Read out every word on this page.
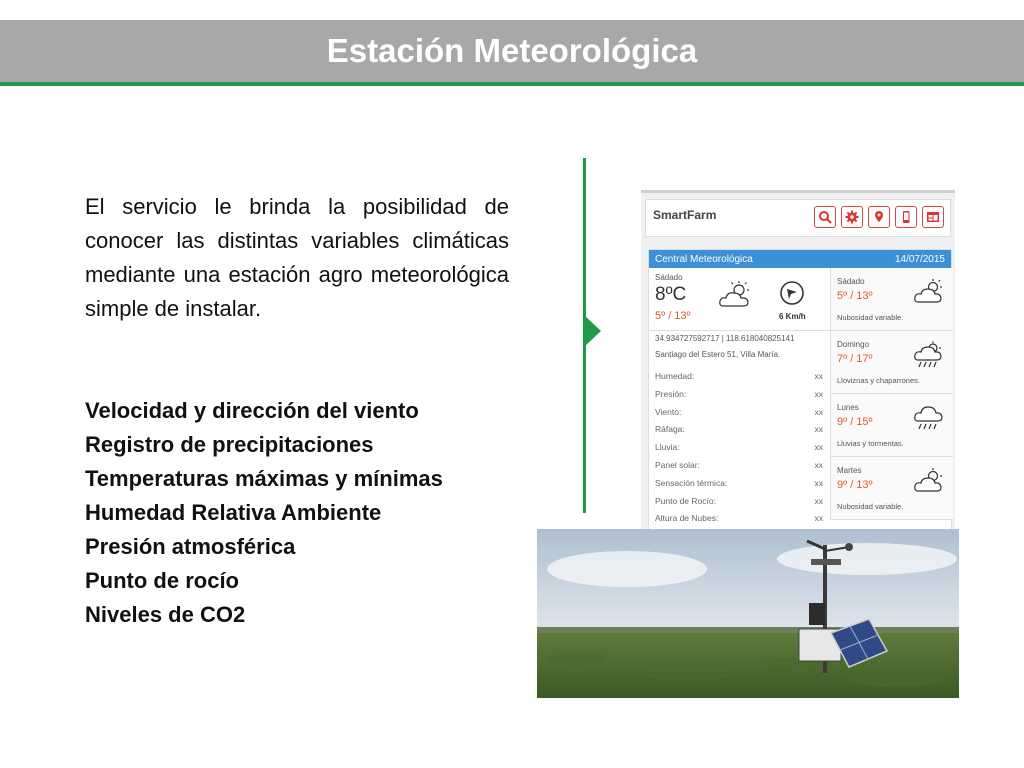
Estación Meteorológica

El servicio le brinda la posibilidad de conocer las distintas variables climáticas mediante una estación agro meteorológica simple de instalar.

Velocidad y dirección del viento
Registro de precipitaciones
Temperaturas máximas y mínimas
Humedad Relativa Ambiente
Presión atmosférica
Punto de rocío
Niveles de CO2
SmartFarm
Central Meteorológica	14/07/2015
Sádado
8ºC
5º / 13º	6 Km/h
34.934727592717 | 118.618040825141
Santiago del Estero 51, Villa María.
Humedad:	xx
Presión:	xx
Viento:	xx
Ráfaga:	xx
Lluvia:	xx
Panel solar:	xx
Sensación térmica:	xx
Punto de Rocío:	xx
Altura de Nubes:	xx
Sádado
5º / 13º
Nubosidad variable.
Domingo
7º / 17º
Lloviznas y chaparrones.
Lunes
9º / 15º
Lluvias y tormentas.
Martes
9º / 13º
Nubosidad variable.
